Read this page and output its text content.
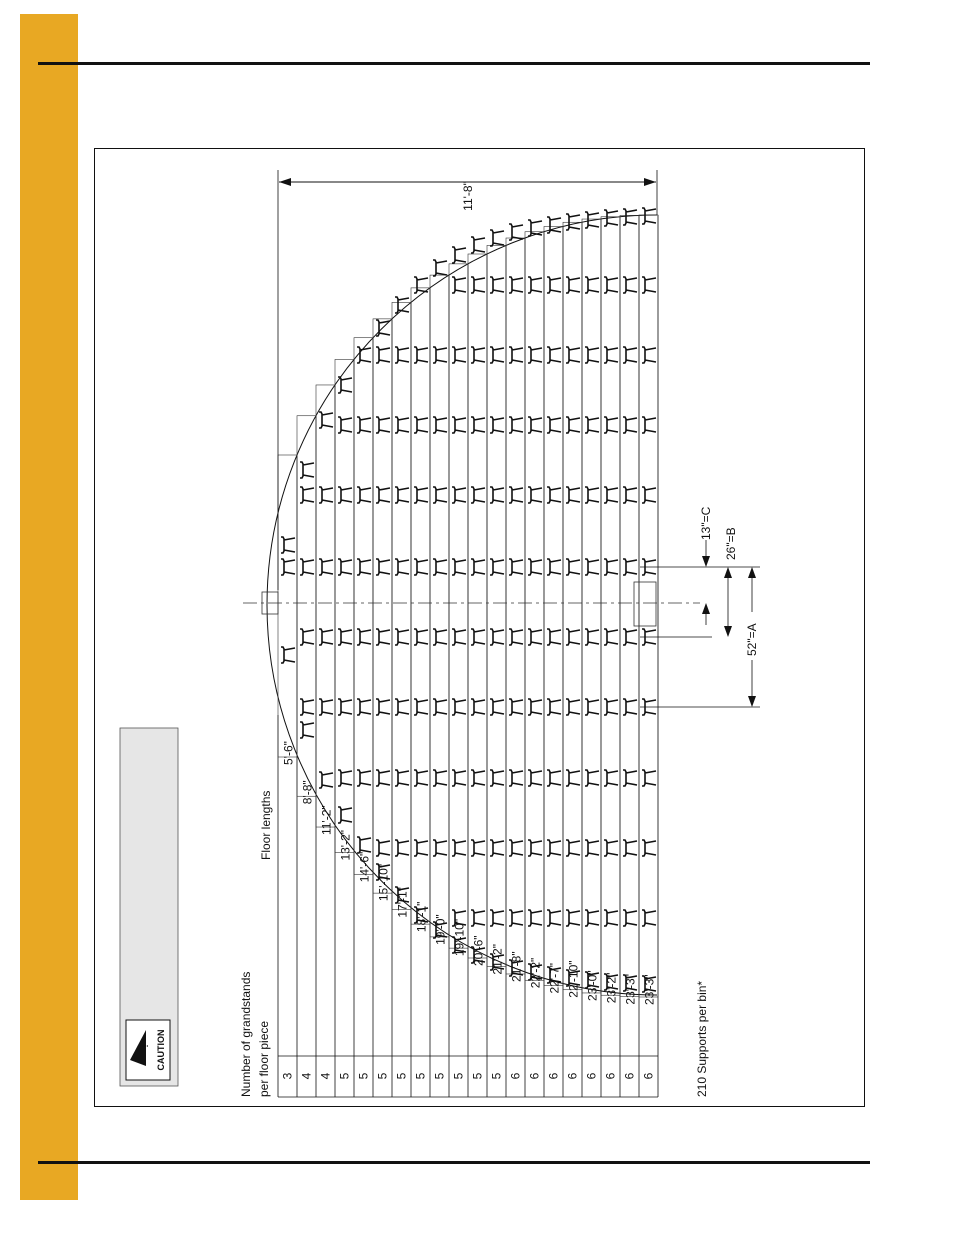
! CAUTION
3 4 4 5 5 5 5 5 5 5 5 5 6 6 6 6 6 6 6 6
5'-6"
8'-8"
11'-2"
13'-2"
14'-6" 15'-10"
17'-1" 18'-1" 19'-0" 19'-10" 20'-6" 21'-2" 21'-8" 22'-2" 22'-7" 22'-10" 23'-0" 23'-2" 23'-3" 23'-3"
Number of grandstands per floor piece
Floor lengths
210 Supports per bin*
11'-8"
13"=C
26"=B
52"=A
